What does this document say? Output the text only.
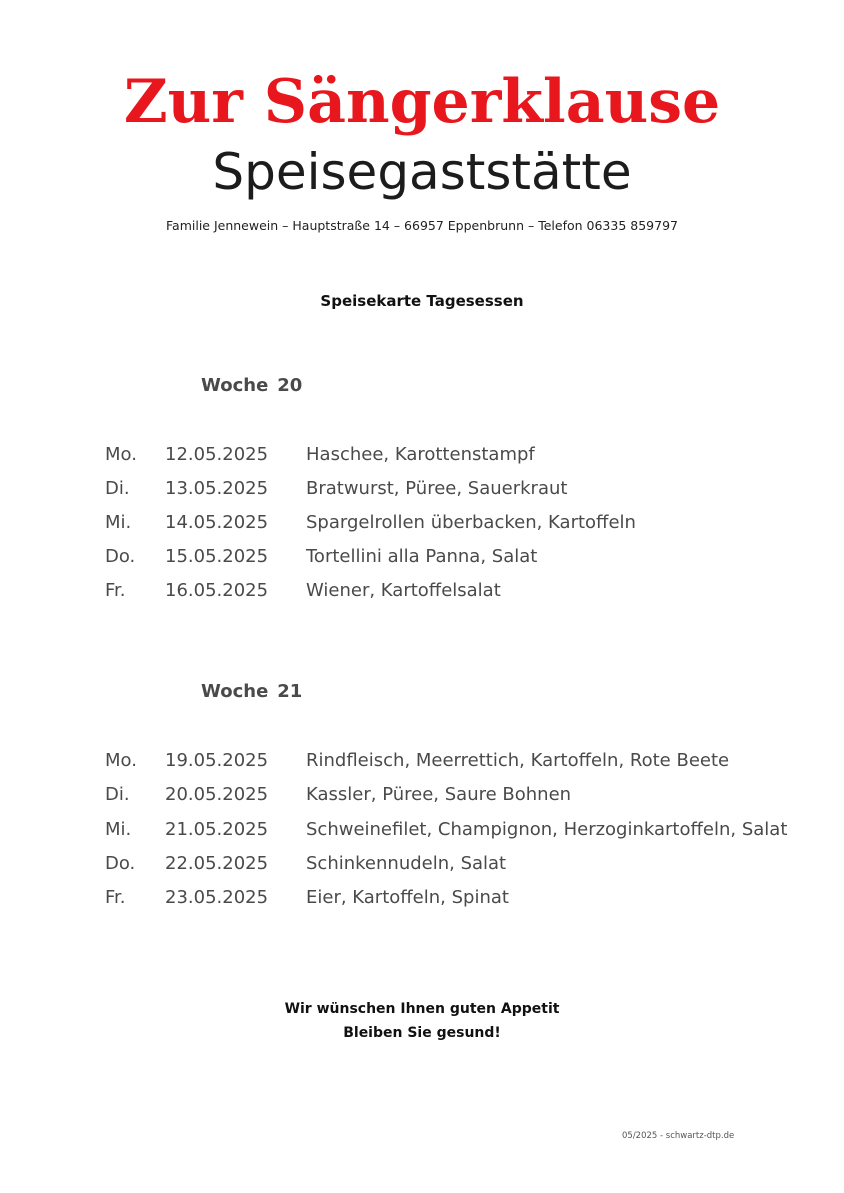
Zur Sängerklause
Speisegaststätte
Familie Jennewein – Hauptstraße 14 – 66957 Eppenbrunn – Telefon 06335 859797
Speisekarte Tagesessen
Woche 20
Mo. 12.05.2025 Haschee, Karottenstampf
Di. 13.05.2025 Bratwurst, Püree, Sauerkraut
Mi. 14.05.2025 Spargelrollen überbacken, Kartoffeln
Do. 15.05.2025 Tortellini alla Panna, Salat
Fr. 16.05.2025 Wiener, Kartoffelsalat
Woche 21
Mo. 19.05.2025 Rindfleisch, Meerrettich, Kartoffeln, Rote Beete
Di. 20.05.2025 Kassler, Püree, Saure Bohnen
Mi. 21.05.2025 Schweinefilet, Champignon, Herzoginkartoffeln, Salat
Do. 22.05.2025 Schinkennudeln, Salat
Fr. 23.05.2025 Eier, Kartoffeln, Spinat
Wir wünschen Ihnen guten Appetit
Bleiben Sie gesund!
05/2025 - schwartz-dtp.de
